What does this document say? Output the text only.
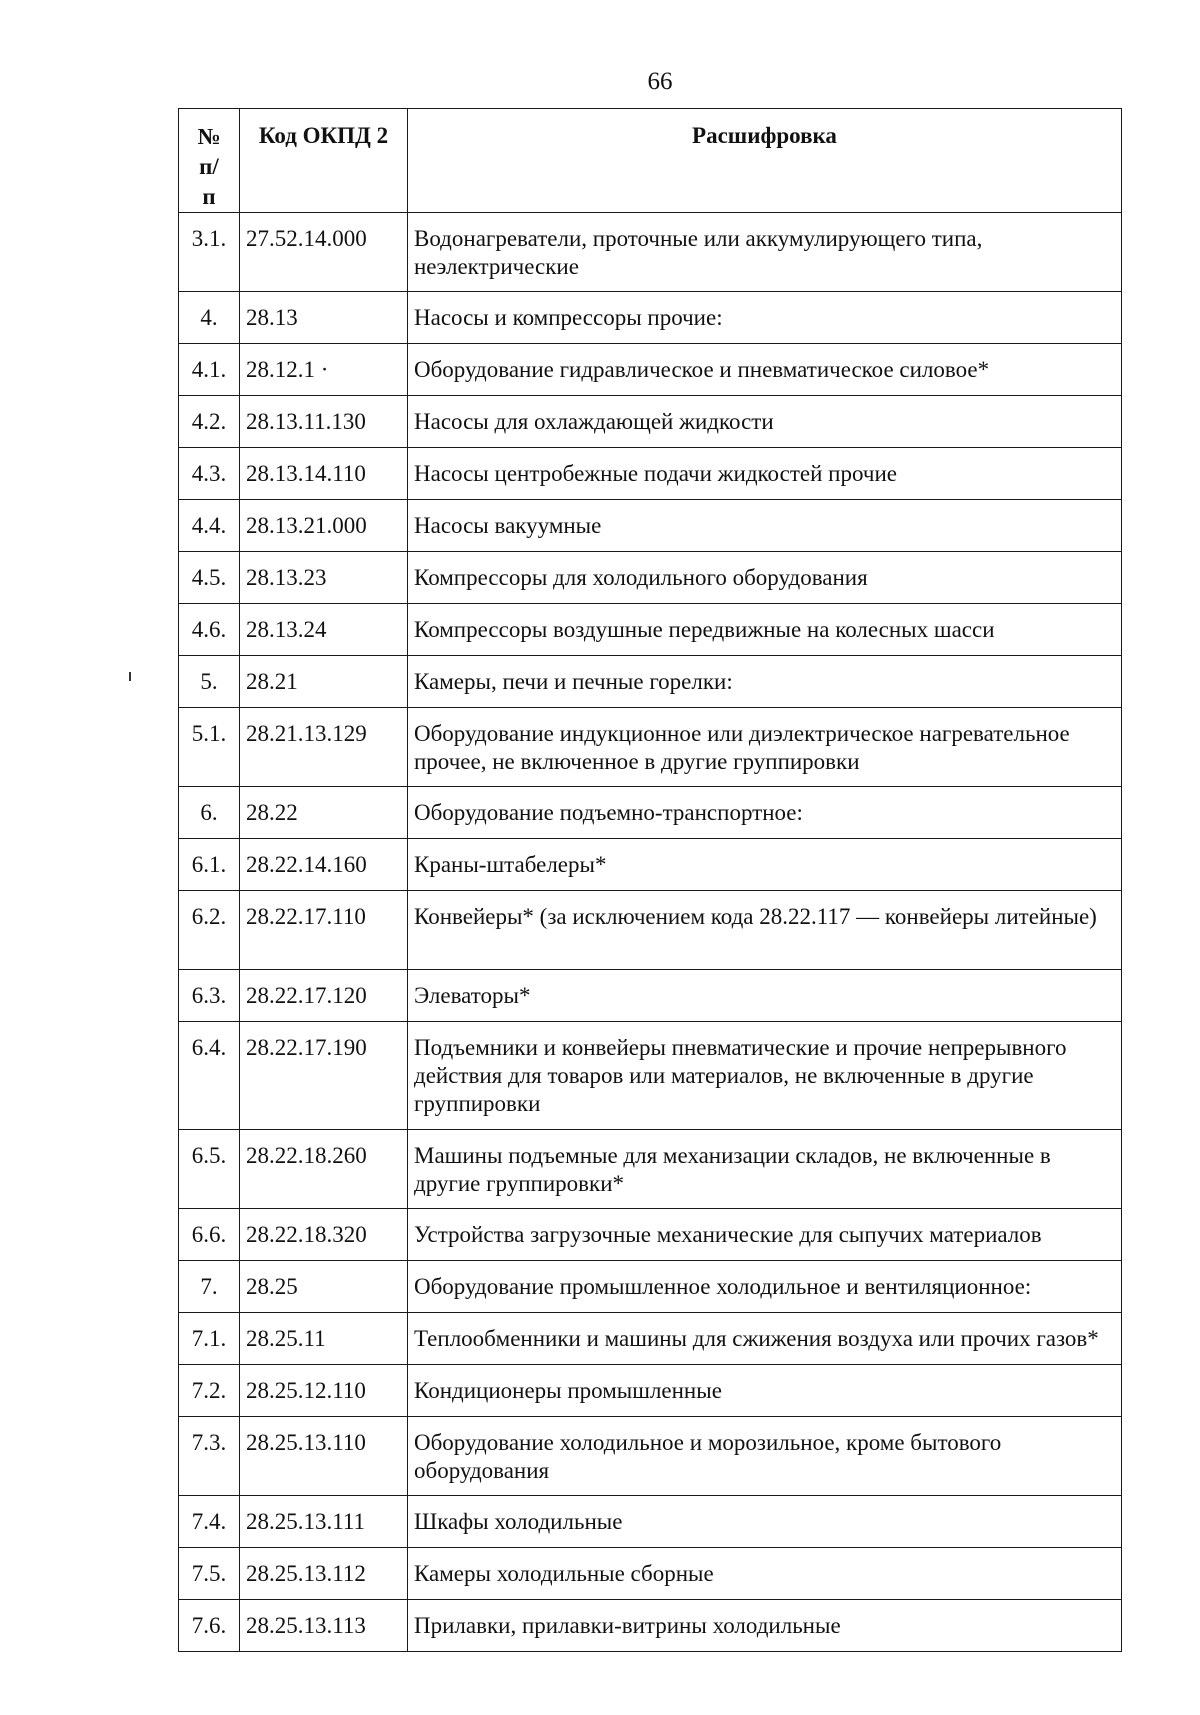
66
№ п/п	Код ОКПД 2	Расшифровка
3.1.	27.52.14.000	Водонагреватели, проточные или аккумулирующего типа, неэлектрические
4.	28.13	Насосы и компрессоры прочие:
4.1.	28.12.1 ·	Оборудование гидравлическое и пневматическое силовое*
4.2.	28.13.11.130	Насосы для охлаждающей жидкости
4.3.	28.13.14.110	Насосы центробежные подачи жидкостей прочие
4.4.	28.13.21.000	Насосы вакуумные
4.5.	28.13.23	Компрессоры для холодильного оборудования
4.6.	28.13.24	Компрессоры воздушные передвижные на колесных шасси
5.	28.21	Камеры, печи и печные горелки:
5.1.	28.21.13.129	Оборудование индукционное или диэлектрическое нагревательное прочее, не включенное в другие группировки
6.	28.22	Оборудование подъемно-транспортное:
6.1.	28.22.14.160	Краны-штабелеры*
6.2.	28.22.17.110	Конвейеры* (за исключением кода 28.22.117 — конвейеры литейные)
6.3.	28.22.17.120	Элеваторы*
6.4.	28.22.17.190	Подъемники и конвейеры пневматические и прочие непрерывного действия для товаров или материалов, не включенные в другие группировки
6.5.	28.22.18.260	Машины подъемные для механизации складов, не включенные в другие группировки*
6.6.	28.22.18.320	Устройства загрузочные механические для сыпучих материалов
7.	28.25	Оборудование промышленное холодильное и вентиляционное:
7.1.	28.25.11	Теплообменники и машины для сжижения воздуха или прочих газов*
7.2.	28.25.12.110	Кондиционеры промышленные
7.3.	28.25.13.110	Оборудование холодильное и морозильное, кроме бытового оборудования
7.4.	28.25.13.111	Шкафы холодильные
7.5.	28.25.13.112	Камеры холодильные сборные
7.6.	28.25.13.113	Прилавки, прилавки-витрины холодильные
